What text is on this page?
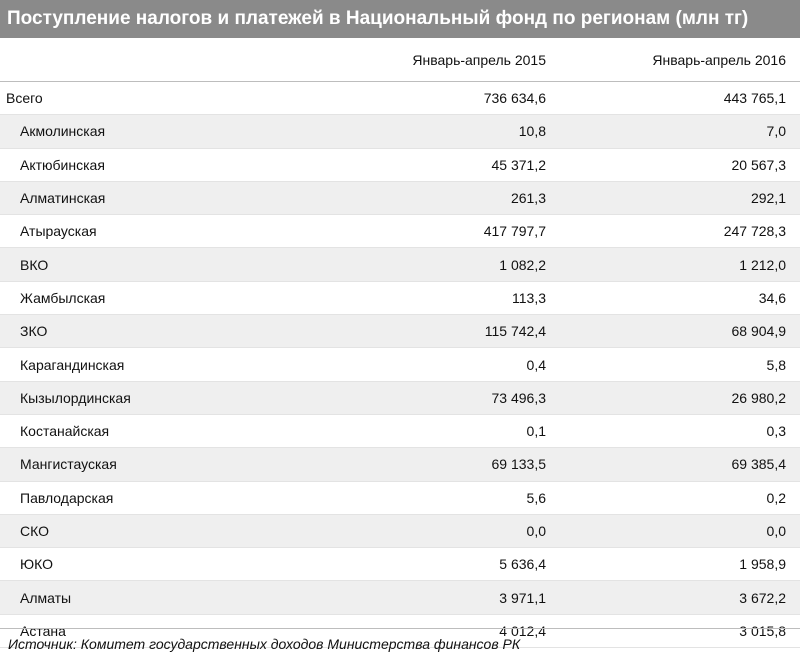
Поступление налогов и платежей в Национальный фонд по регионам (млн тг)
	Январь-апрель 2015	Январь-апрель 2016
Всего	736 634,6	443 765,1
Акмолинская	10,8	7,0
Актюбинская	45 371,2	20 567,3
Алматинская	261,3	292,1
Атырауская	417 797,7	247 728,3
ВКО	1 082,2	1 212,0
Жамбылская	113,3	34,6
ЗКО	115 742,4	68 904,9
Карагандинская	0,4	5,8
Кызылординская	73 496,3	26 980,2
Костанайская	0,1	0,3
Мангистауская	69 133,5	69 385,4
Павлодарская	5,6	0,2
СКО	0,0	0,0
ЮКО	5 636,4	1 958,9
Алматы	3 971,1	3 672,2
Астана	4 012,4	3 015,8
Источник: Комитет государственных доходов Министерства финансов РК
